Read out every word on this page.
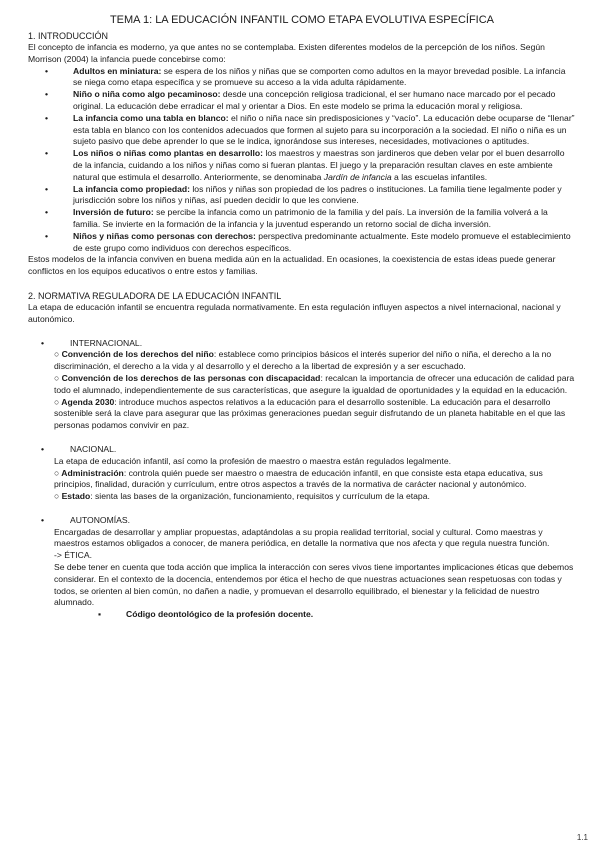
TEMA 1: LA EDUCACIÓN INFANTIL COMO ETAPA EVOLUTIVA ESPECÍFICA
1. INTRODUCCIÓN

El concepto de infancia es moderno, ya que antes no se contemplaba. Existen diferentes modelos de la percepción de los niños. Según Morrison (2004) la infancia puede concebirse como:

• Adultos en miniatura: se espera de los niños y niñas que se comporten como adultos en la mayor brevedad posible. La infancia se niega como etapa específica y se promueve su acceso a la vida adulta rápidamente.
• Niño o niña como algo pecaminoso: desde una concepción religiosa tradicional, el ser humano nace marcado por el pecado original. La educación debe erradicar el mal y orientar a Dios. En este modelo se prima la educación moral y religiosa.
• La infancia como una tabla en blanco: el niño o niña nace sin predisposiciones y “vacío”. La educación debe ocuparse de “llenar” esta tabla en blanco con los contenidos adecuados que formen al sujeto para su incorporación a la sociedad. El niño o niña es un sujeto pasivo que debe aprender lo que se le indica, ignorándose sus intereses, necesidades, motivaciones o aptitudes.
• Los niños o niñas como plantas en desarrollo: los maestros y maestras son jardineros que deben velar por el buen desarrollo de la infancia, cuidando a los niños y niñas como si fueran plantas. El juego y la preparación resultan claves en este ambiente natural que estimula el desarrollo. Anteriormente, se denominaba Jardín de infancia a las escuelas infantiles.
• La infancia como propiedad: los niños y niñas son propiedad de los padres o instituciones. La familia tiene legalmente poder y jurisdicción sobre los niños y niñas, así pueden decidir lo que les conviene.
• Inversión de futuro: se percibe la infancia como un patrimonio de la familia y del país. La inversión de la familia volverá a la familia. Se invierte en la formación de la infancia y la juventud esperando un retorno social de dicha inversión.
• Niños y niñas como personas con derechos: perspectiva predominante actualmente. Este modelo promueve el establecimiento de este grupo como individuos con derechos específicos.

Estos modelos de la infancia conviven en buena medida aún en la actualidad. En ocasiones, la coexistencia de estas ideas puede generar conflictos en los equipos educativos o entre estos y familias.

2. NORMATIVA REGULADORA DE LA EDUCACIÓN INFANTIL

La etapa de educación infantil se encuentra regulada normativamente. En esta regulación influyen aspectos a nivel internacional, nacional y autonómico.

• INTERNACIONAL.

○ Convención de los derechos del niño: establece como principios básicos el interés superior del niño o niña, el derecho a la no discriminación, el derecho a la vida y al desarrollo y el derecho a la libertad de expresión y a ser escuchado.

○ Convención de los derechos de las personas con discapacidad: recalcan la importancia de ofrecer una educación de calidad para todo el alumnado, independientemente de sus características, que asegure la igualdad de oportunidades y la equidad en la educación.

○ Agenda 2030: introduce muchos aspectos relativos a la educación para el desarrollo sostenible. La educación para el desarrollo sostenible será la clave para asegurar que las próximas generaciones puedan seguir disfrutando de un planeta habitable en el que las personas podamos convivir en paz.

• NACIONAL.

La etapa de educación infantil, así como la profesión de maestro o maestra están regulados legalmente.

○ Administración: controla quién puede ser maestro o maestra de educación infantil, en que consiste esta etapa educativa, sus principios, finalidad, duración y currículum, entre otros aspectos a través de la normativa de carácter nacional y autonómico.

○ Estado: sienta las bases de la organización, funcionamiento, requisitos y currículum de la etapa.

• AUTONOMÍAS.

Encargadas de desarrollar y ampliar propuestas, adaptándolas a su propia realidad territorial, social y cultural. Como maestras y maestros estamos obligados a conocer, de manera periódica, en detalle la normativa que nos afecta y que regula nuestra función.

-> ÉTICA.

Se debe tener en cuenta que toda acción que implica la interacción con seres vivos tiene importantes implicaciones éticas que debemos considerar. En el contexto de la docencia, entendemos por ética el hecho de que nuestras actuaciones sean respetuosas con todas y todos, se orienten al bien común, no dañen a nadie, y promuevan el desarrollo equilibrado, el bienestar y la felicidad de nuestro alumnado.

▪ Código deontológico de la profesión docente.
1.1
